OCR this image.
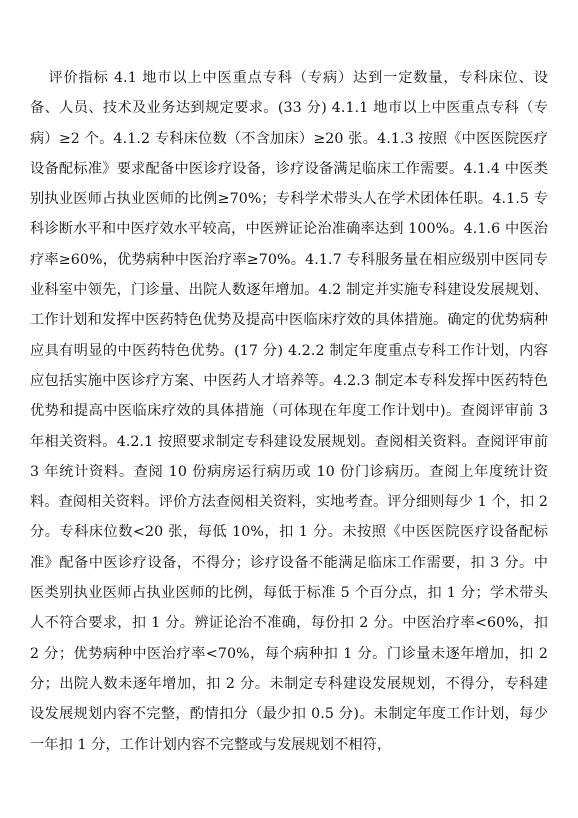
评价指标 4.1 地市以上中医重点专科（专病）达到一定数量，专科床位、设备、人员、技术及业务达到规定要求。(33 分) 4.1.1 地市以上中医重点专科（专病）≥2 个。4.1.2 专科床位数（不含加床）≥20 张。4.1.3 按照《中医医院医疗设备配标准》要求配备中医诊疗设备，诊疗设备满足临床工作需要。4.1.4 中医类别执业医师占执业医师的比例≥70%；专科学术带头人在学术团体任职。4.1.5 专科诊断水平和中医疗效水平较高，中医辨证论治准确率达到 100%。4.1.6 中医治疗率≥60%，优势病种中医治疗率≥70%。4.1.7 专科服务量在相应级别中医同专业科室中领先，门诊量、出院人数逐年增加。4.2 制定并实施专科建设发展规划、工作计划和发挥中医药特色优势及提高中医临床疗效的具体措施。确定的优势病种应具有明显的中医药特色优势。(17 分) 4.2.2 制定年度重点专科工作计划，内容应包括实施中医诊疗方案、中医药人才培养等。4.2.3 制定本专科发挥中医药特色优势和提高中医临床疗效的具体措施（可体现在年度工作计划中)。查阅评审前 3 年相关资料。4.2.1 按照要求制定专科建设发展规划。查阅相关资料。查阅评审前 3 年统计资料。查阅 10 份病房运行病历或 10 份门诊病历。查阅上年度统计资料。查阅相关资料。评价方法查阅相关资料，实地考查。评分细则每少 1 个，扣 2 分。专科床位数<20 张，每低 10%，扣 1 分。未按照《中医医院医疗设备配标准》配备中医诊疗设备，不得分；诊疗设备不能满足临床工作需要，扣 3 分。中医类别执业医师占执业医师的比例，每低于标准 5 个百分点，扣 1 分；学术带头人不符合要求，扣 1 分。辨证论治不准确，每份扣 2 分。中医治疗率<60%，扣 2 分；优势病种中医治疗率<70%，每个病种扣 1 分。门诊量未逐年增加，扣 2 分；出院人数未逐年增加，扣 2 分。未制定专科建设发展规划，不得分，专科建设发展规划内容不完整，酌情扣分（最少扣 0.5 分)。未制定年度工作计划，每少一年扣 1 分，工作计划内容不完整或与发展规划不相符，
